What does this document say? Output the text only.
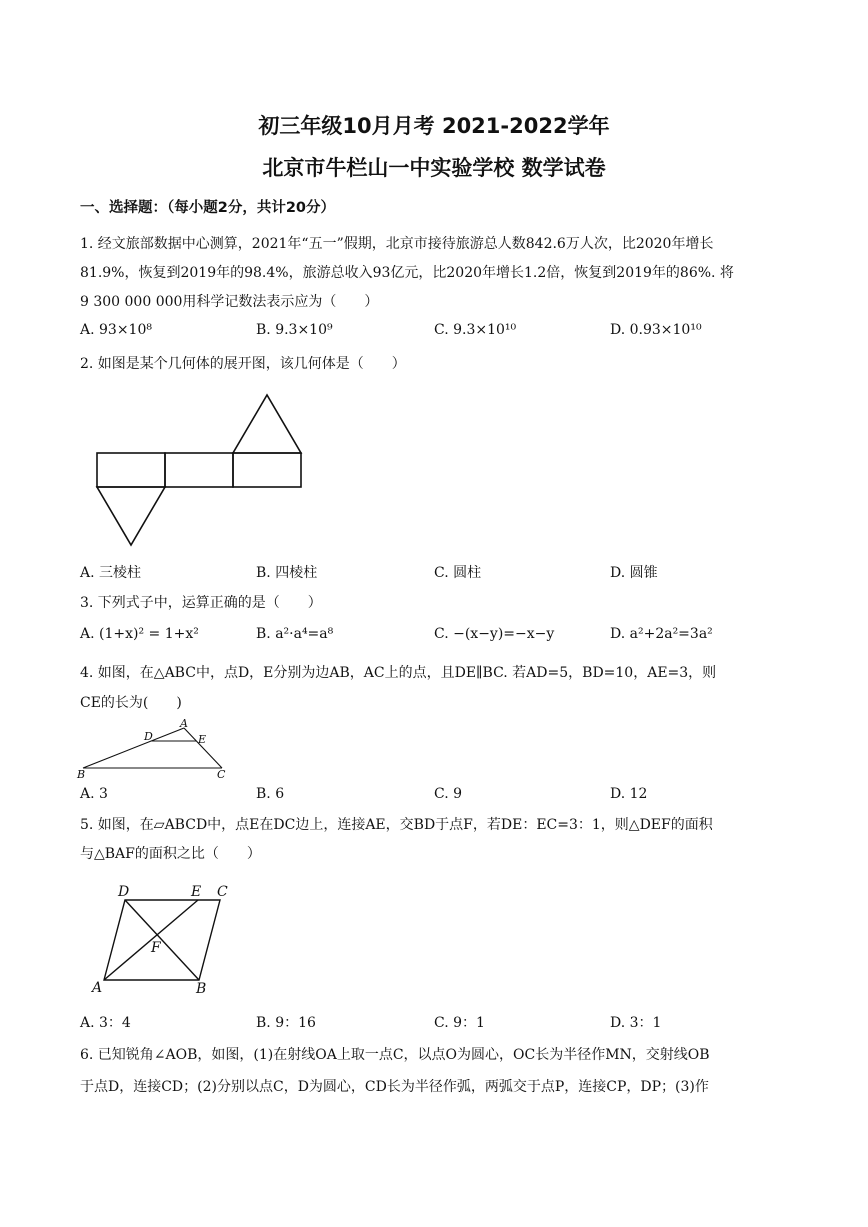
初三年级10月月考 2021-2022学年
北京市牛栏山一中实验学校 数学试卷
一、选择题：（每小题2分，共计20分）
1. 经文旅部数据中心测算，2021年“五一”假期，北京市接待旅游总人数842.6万人次，比2020年增长
81.9%，恢复到2019年的98.4%，旅游总收入93亿元，比2020年增长1.2倍，恢复到2019年的86%. 将
9 300 000 000用科学记数法表示应为（　　）
A. 93×10⁸	B. 9.3×10⁹	C. 9.3×10¹⁰	D. 0.93×10¹⁰
2. 如图是某个几何体的展开图，该几何体是（　　）
A. 三棱柱	B. 四棱柱	C. 圆柱	D. 圆锥
3. 下列式子中，运算正确的是（　　）
A. (1+x)² = 1+x²	B. a²·a⁴=a⁸	C. −(x−y)=−x−y	D. a²+2a²=3a²
4. 如图，在△ABC中，点D，E分别为边AB，AC上的点，且DE∥BC. 若AD=5，BD=10，AE=3，则
CE的长为(　　)
A
D	E
B	C
A. 3	B. 6	C. 9	D. 12
5. 如图，在▱ABCD中，点E在DC边上，连接AE，交BD于点F，若DE：EC=3：1，则△DEF的面积
与△BAF的面积之比（　　）
D	E C
F
A	B
A. 3：4	B. 9：16	C. 9：1	D. 3：1
6. 已知锐角∠AOB，如图，(1)在射线OA上取一点C，以点O为圆心，OC长为半径作MN，交射线OB
于点D，连接CD；(2)分别以点C，D为圆心，CD长为半径作弧，两弧交于点P，连接CP，DP；(3)作
